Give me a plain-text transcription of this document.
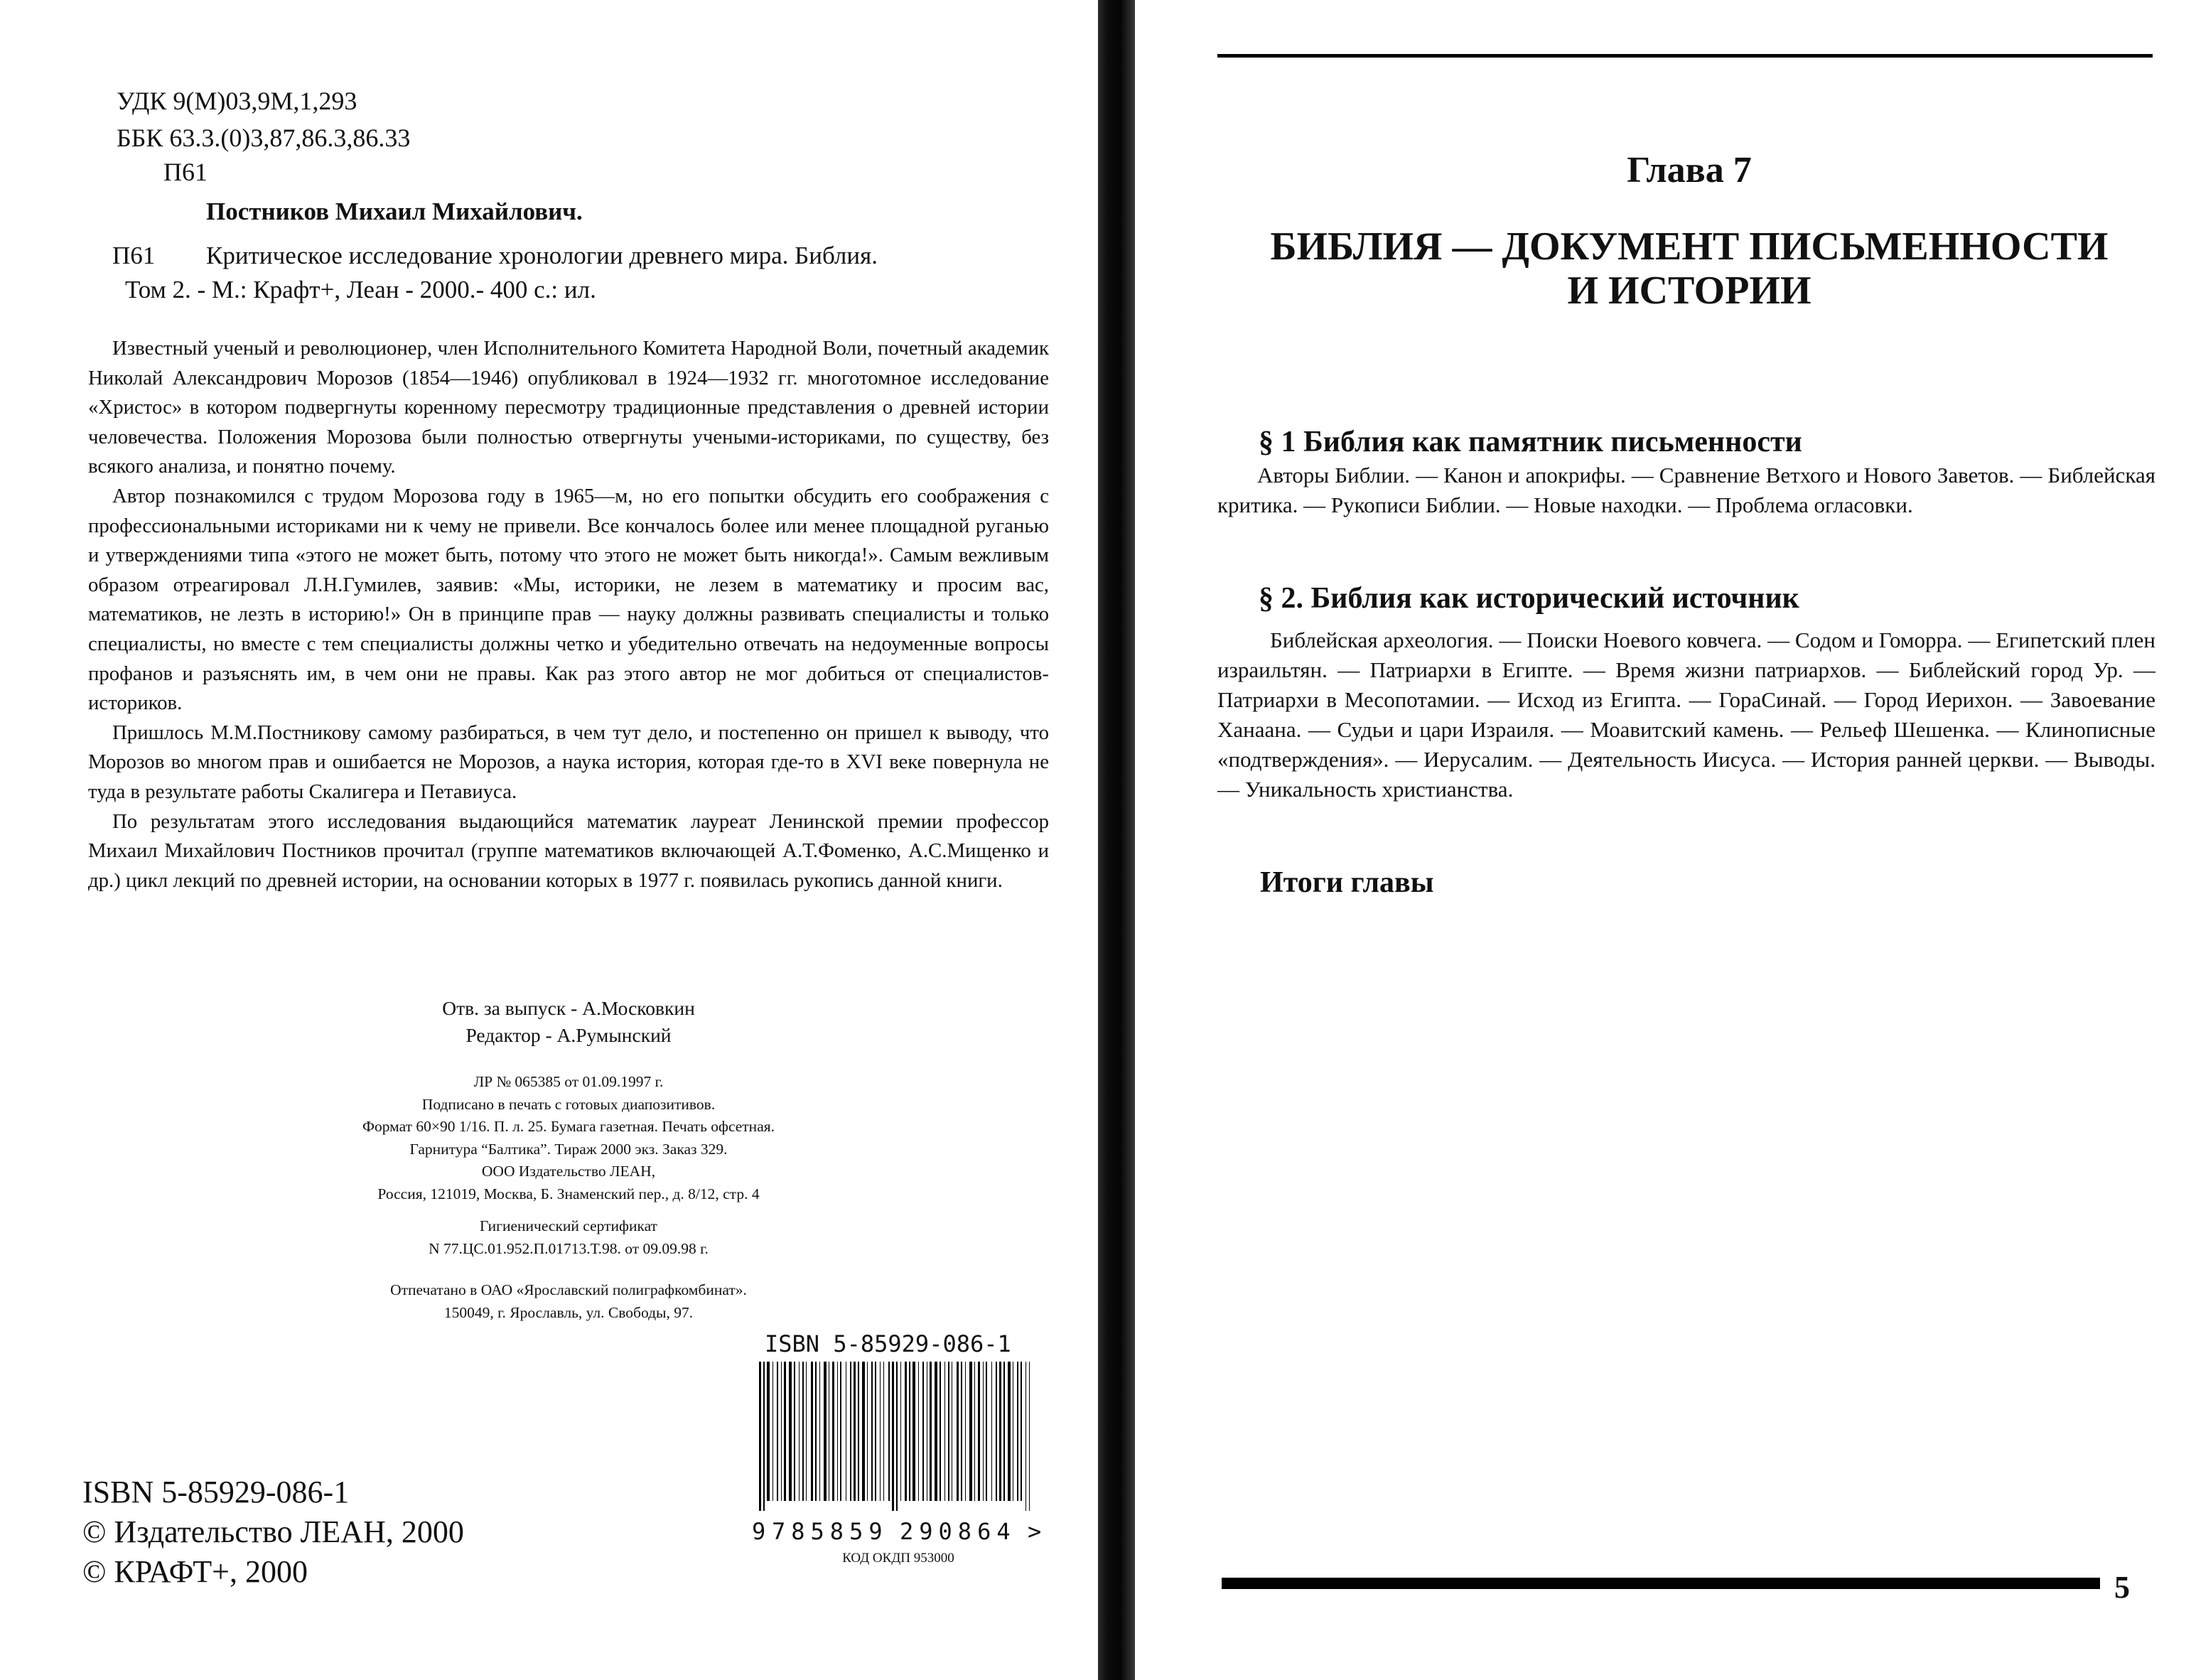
УДК 9(М)03,9М,1,293

ББК 63.3.(0)3,87,86.3,86.33

П61

Постников Михаил Михайлович.

П61 Критическое исследование хронологии древнего мира. Библия.

Том 2. - М.: Крафт+, Леан - 2000.- 400 с.: ил.

Известный ученый и революционер, член Исполнительного Комитета Народной Воли, почетный академик Николай Александрович Морозов (1854—1946) опубликовал в 1924—1932 гг. многотомное исследование «Христос» в котором подвергнуты коренному пересмотру традиционные представления о древней истории человечества. Положения Морозова были полностью отвергнуты учеными-историками, по существу, без всякого анализа, и понятно почему.

Автор познакомился с трудом Морозова году в 1965—м, но его попытки обсудить его соображения с профессиональными историками ни к чему не привели. Все кончалось более или менее площадной руганью и утверждениями типа «этого не может быть, потому что этого не может быть никогда!». Самым вежливым образом отреагировал Л.Н.Гумилев, заявив: «Мы, историки, не лезем в математику и просим вас, математиков, не лезть в историю!» Он в принципе прав — науку должны развивать специалисты и только специалисты, но вместе с тем специалисты должны четко и убедительно отвечать на недоуменные вопросы профанов и разъяснять им, в чем они не правы. Как раз этого автор не мог добиться от специалистов- историков.

Пришлось М.М.Постникову самому разбираться, в чем тут дело, и постепенно он пришел к выводу, что Морозов во многом прав и ошибается не Морозов, а наука история, которая где-то в XVI веке повернула не туда в результате работы Скалигера и Петавиуса.

По результатам этого исследования выдающийся математик лауреат Ленинской премии профессор Михаил Михайлович Постников прочитал (группе математиков включающей А.Т.Фоменко, А.С.Мищенко и др.) цикл лекций по древней истории, на основании которых в 1977 г. появилась рукопись данной книги.

Отв. за выпуск - А.Московкин
Редактор - А.Румынский
ЛР № 065385 от 01.09.1997 г.
Подписано в печать с готовых диапозитивов.
Формат 60×90 1/16. П. л. 25. Бумага газетная. Печать офсетная.
Гарнитура “Балтика”. Тираж 2000 экз. Заказ 329.
ООО Издательство ЛЕАН,
Россия, 121019, Москва, Б. Знаменский пер., д. 8/12, стр. 4
Гигиенический сертификат
N 77.ЦС.01.952.П.01713.Т.98. от 09.09.98 г.
Отпечатано в ОАО «Ярославский полиграфкомбинат».
150049, г. Ярославль, ул. Свободы, 97.
ISBN 5-85929-086-1
9 785859 290864 >
КОД ОКДП 953000
ISBN 5-85929-086-1
© Издательство ЛЕАН, 2000
© КРАФТ+, 2000
Глава 7
БИБЛИЯ — ДОКУМЕНТ ПИСЬМЕННОСТИ
И ИСТОРИИ
§ 1 Библия как памятник письменности
Авторы Библии. — Канон и апокрифы. — Сравнение Ветхого и Нового Заветов. — Библейская критика. — Рукописи Библии. — Новые находки. — Проблема огласовки.
§ 2. Библия как исторический источник
Библейская археология. — Поиски Ноевого ковчега. — Содом и Гоморра. — Египетский плен израильтян. — Патриархи в Египте. — Время жизни патриархов. — Библейский город Ур. — Патриархи в Месопотамии. — Исход из Египта. — ГораСинай. — Город Иерихон. — Завоевание Ханаана. — Судьи и цари Израиля. — Моавитский камень. — Рельеф Шешенка. — Клинописные «подтверждения». — Иерусалим. — Деятельность Иисуса. — История ранней церкви. — Выводы. — Уникальность христианства.
Итоги главы
5
